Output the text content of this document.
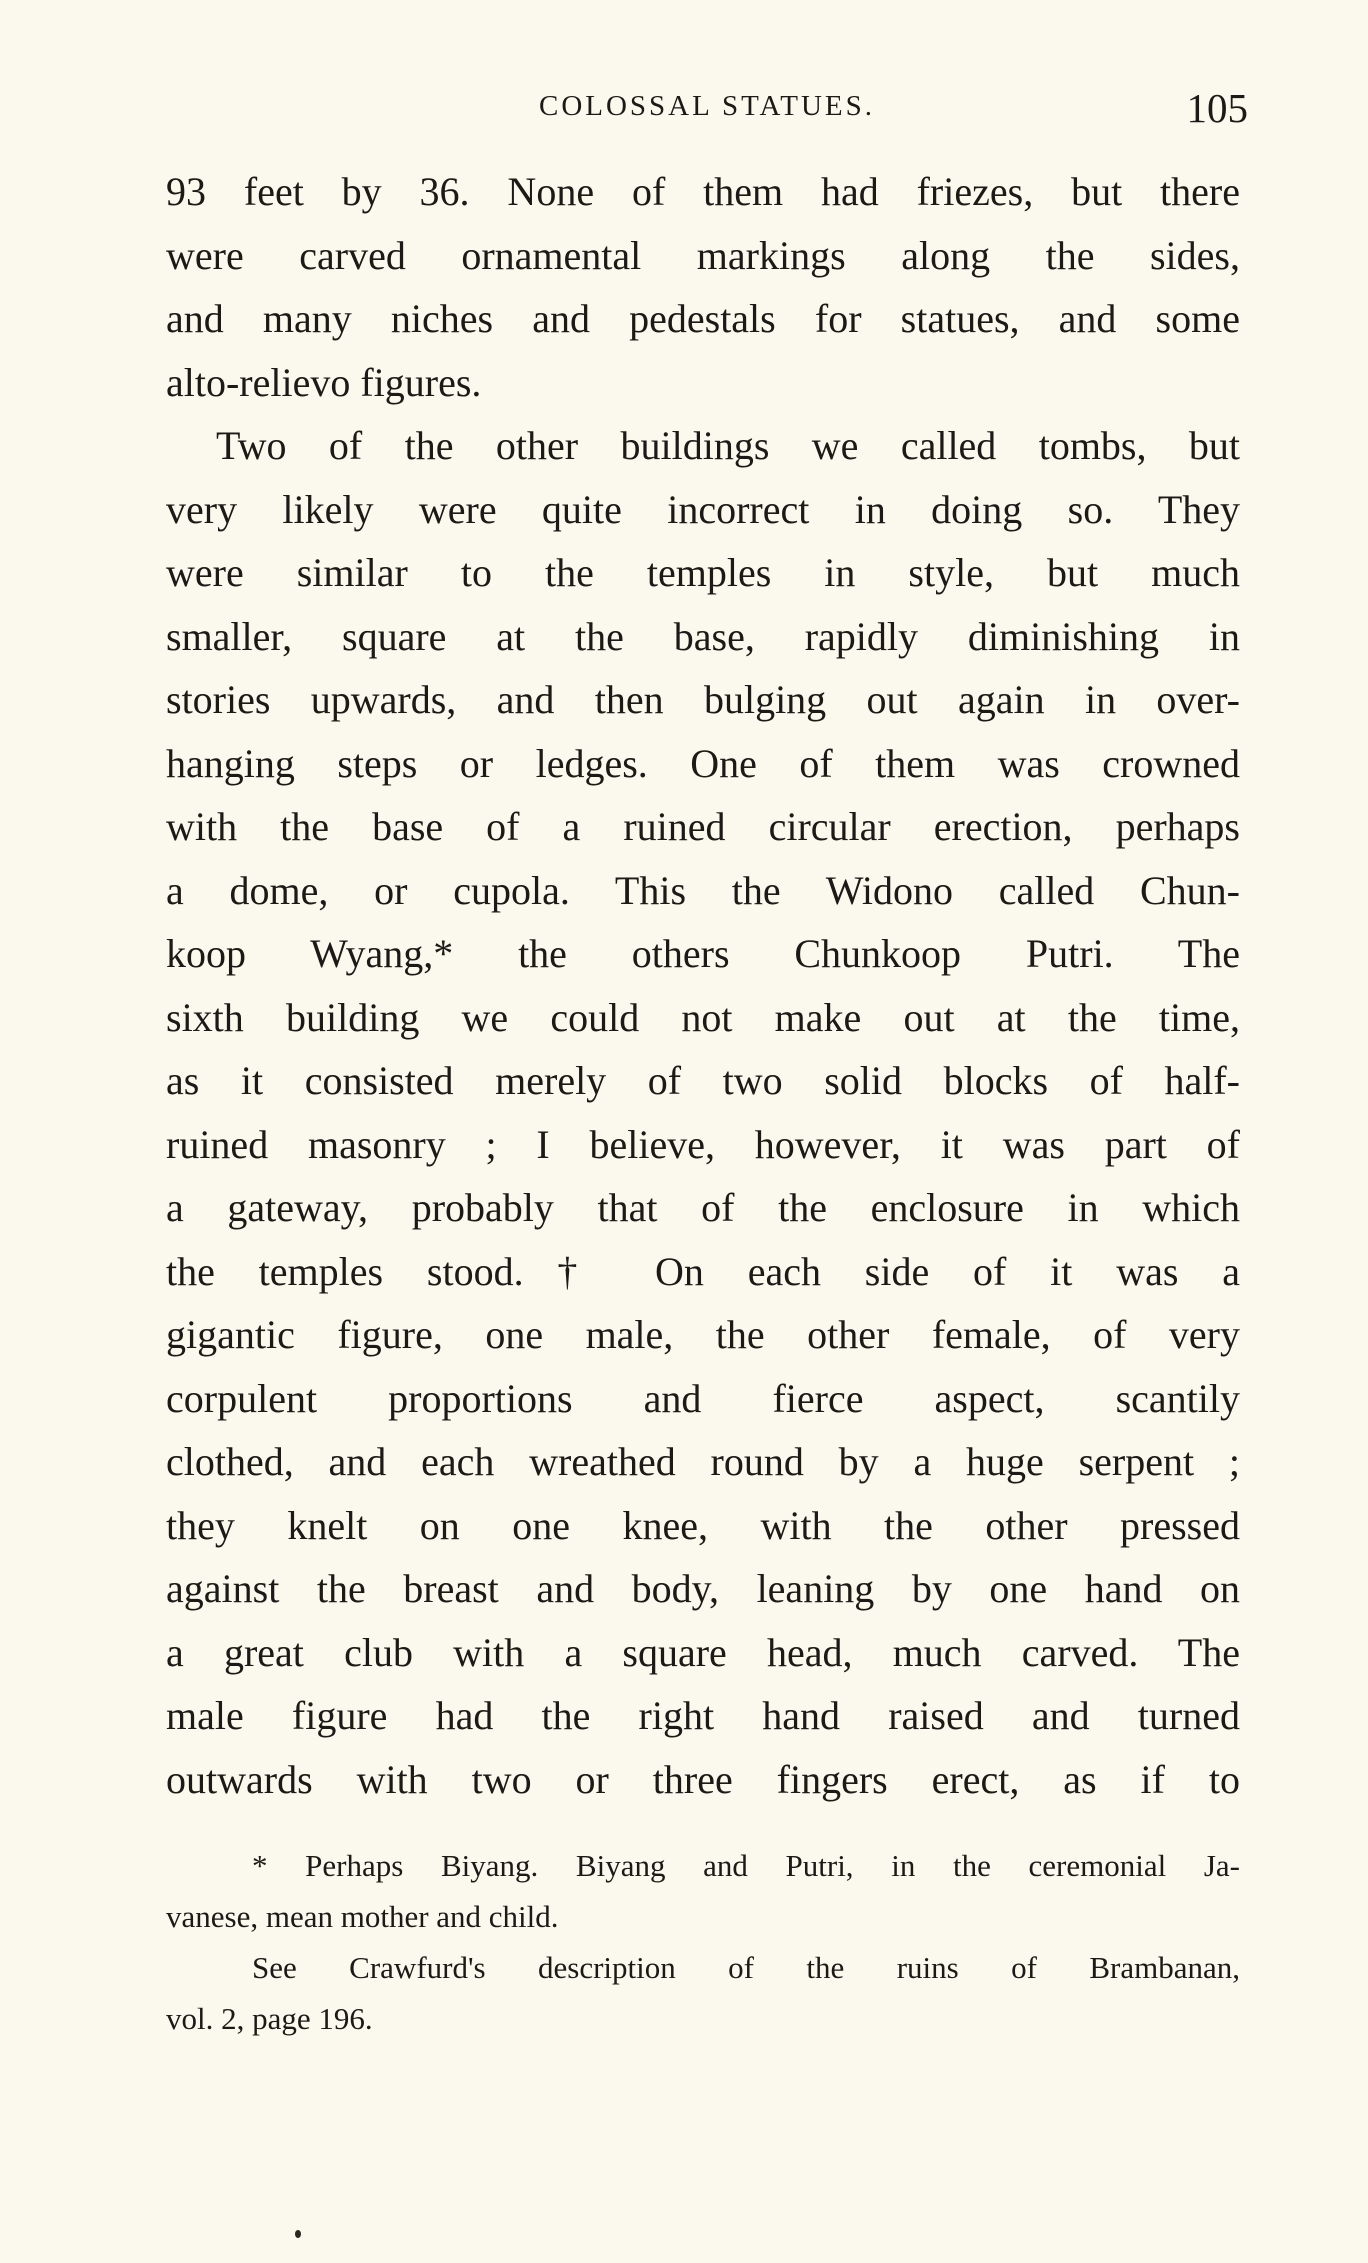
COLOSSAL STATUES.	105
93 feet by 36. None of them had friezes, but there
were carved ornamental markings along the sides,
and many niches and pedestals for statues, and some
alto-relievo figures.
Two of the other buildings we called tombs, but
very likely were quite incorrect in doing so. They
were similar to the temples in style, but much
smaller, square at the base, rapidly diminishing in
stories upwards, and then bulging out again in over-
hanging steps or ledges. One of them was crowned
with the base of a ruined circular erection, perhaps
a dome, or cupola. This the Widono called Chun-
koop Wyang,* the others Chunkoop Putri. The
sixth building we could not make out at the time,
as it consisted merely of two solid blocks of half-
ruined masonry ; I believe, however, it was part of
a gateway, probably that of the enclosure in which
the temples stood.† On each side of it was a
gigantic figure, one male, the other female, of very
corpulent proportions and fierce aspect, scantily
clothed, and each wreathed round by a huge serpent ;
they knelt on one knee, with the other pressed
against the breast and body, leaning by one hand on
a great club with a square head, much carved. The
male figure had the right hand raised and turned
outwards with two or three fingers erect, as if to
* Perhaps Biyang. Biyang and Putri, in the ceremonial Ja-
vanese, mean mother and child.
See Crawfurd's description of the ruins of Brambanan,
vol. 2, page 196.
